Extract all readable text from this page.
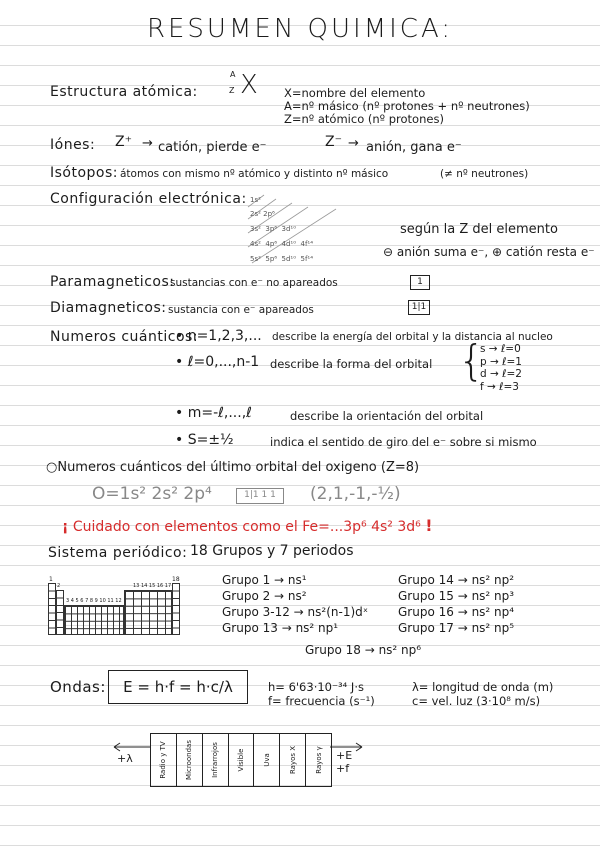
RESUMEN QUIMICA:
Estructura atómica:
A
Z X X=nombre del elemento
A=nº másico (nº protones + nº neutrones)
Z=nº atómico (nº protones)
Iónes: Z⁺ → catión, pierde e⁻	Z⁻ → anión, gana e⁻
Isótopos: átomos con mismo nº atómico y distinto nº másico	(≠ nº neutrones)
Configuración electrónica: 1s²
2s² 2p⁶
3s² 3p⁶ 3d¹⁰
4s² 4p⁶ 4d¹⁰ 4f¹⁴
5s² 5p⁶ 5d¹⁰ 5f¹⁴
según la Z del elemento
⊖ anión suma e⁻, ⊕ catión resta e⁻
Paramagneticos:
sustancias con e⁻ no apareados	1
Diamagneticos: sustancia con e⁻ apareados	1|1
Numeros cuánticos:
• n=1,2,3,... describe la energía del orbital y la distancia al nucleo
• ℓ=0,...,n-1 describe la forma del orbital {
s → ℓ=0
p → ℓ=1
d → ℓ=2
f → ℓ=3
• m=-ℓ,...,ℓ	describe la orientación del orbital
• S=±½	indica el sentido de giro del e⁻ sobre si mismo
○Numeros cuánticos del último orbital del oxigeno (Z=8)
O=1s² 2s² 2p⁴	1|1 1 1	(2,1,-1,-½)
¡ Cuidado con elementos como el Fe=...3p⁶ 4s² 3d⁶ !
Sistema periódico: 18 Grupos y 7 periodos
1
2
18
3 4 5 6 7 8 9 10 11 12
13 14 15 16 17	Grupo 1 → ns¹
Grupo 2 → ns²
Grupo 3-12 → ns²(n-1)dˣ
Grupo 13 → ns² np¹
Grupo 14 → ns² np²
Grupo 15 → ns² np³
Grupo 16 → ns² np⁴
Grupo 17 → ns² np⁵
Grupo 18 → ns² np⁶
Ondas:	E = h·f = h·c/λ	h= 6'63·10⁻³⁴ J·s
f= frecuencia (s⁻¹)
λ= longitud de onda (m)
c= vel. luz (3·10⁸ m/s)
+λ	Radio y TV	Microondas	Infrarrojos	Visible	Uva	Rayos X	Rayos γ +E
+f
